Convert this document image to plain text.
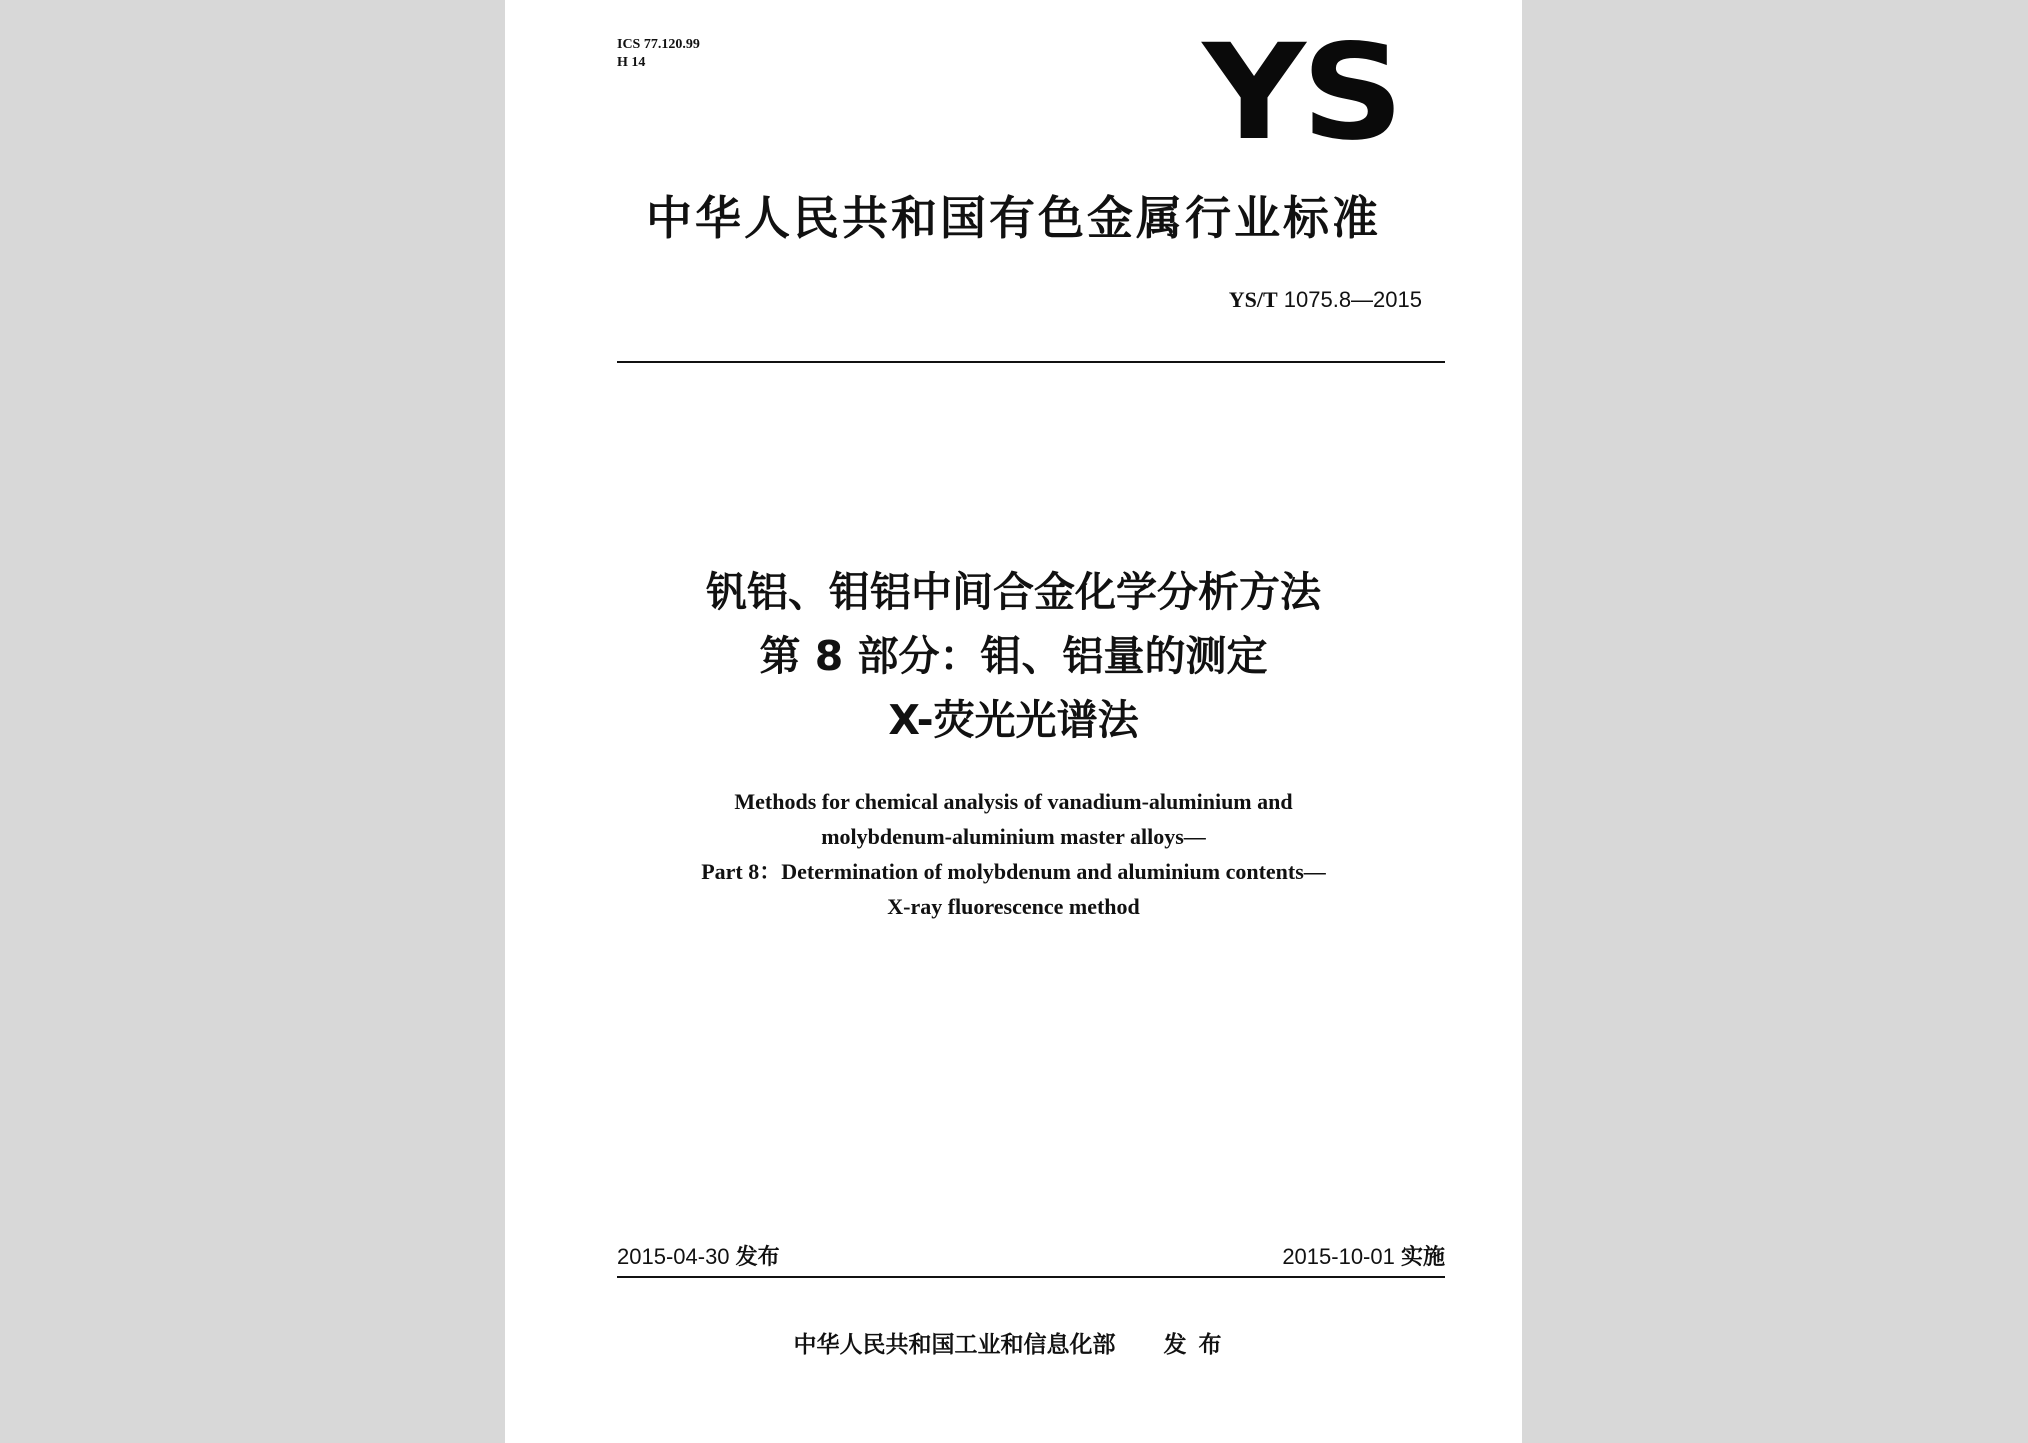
ICS 77.120.99
H 14	YS
中华人民共和国有色金属行业标准
YS/T 1075.8—2015
钒铝、钼铝中间合金化学分析方法
第 8 部分：钼、铝量的测定
X-荧光光谱法
Methods for chemical analysis of vanadium-aluminium and
molybdenum-aluminium master alloys—
Part 8：Determination of molybdenum and aluminium contents—
X-ray fluorescence method
2015-04-30 发布	2015-10-01 实施
中华人民共和国工业和信息化部 发布
